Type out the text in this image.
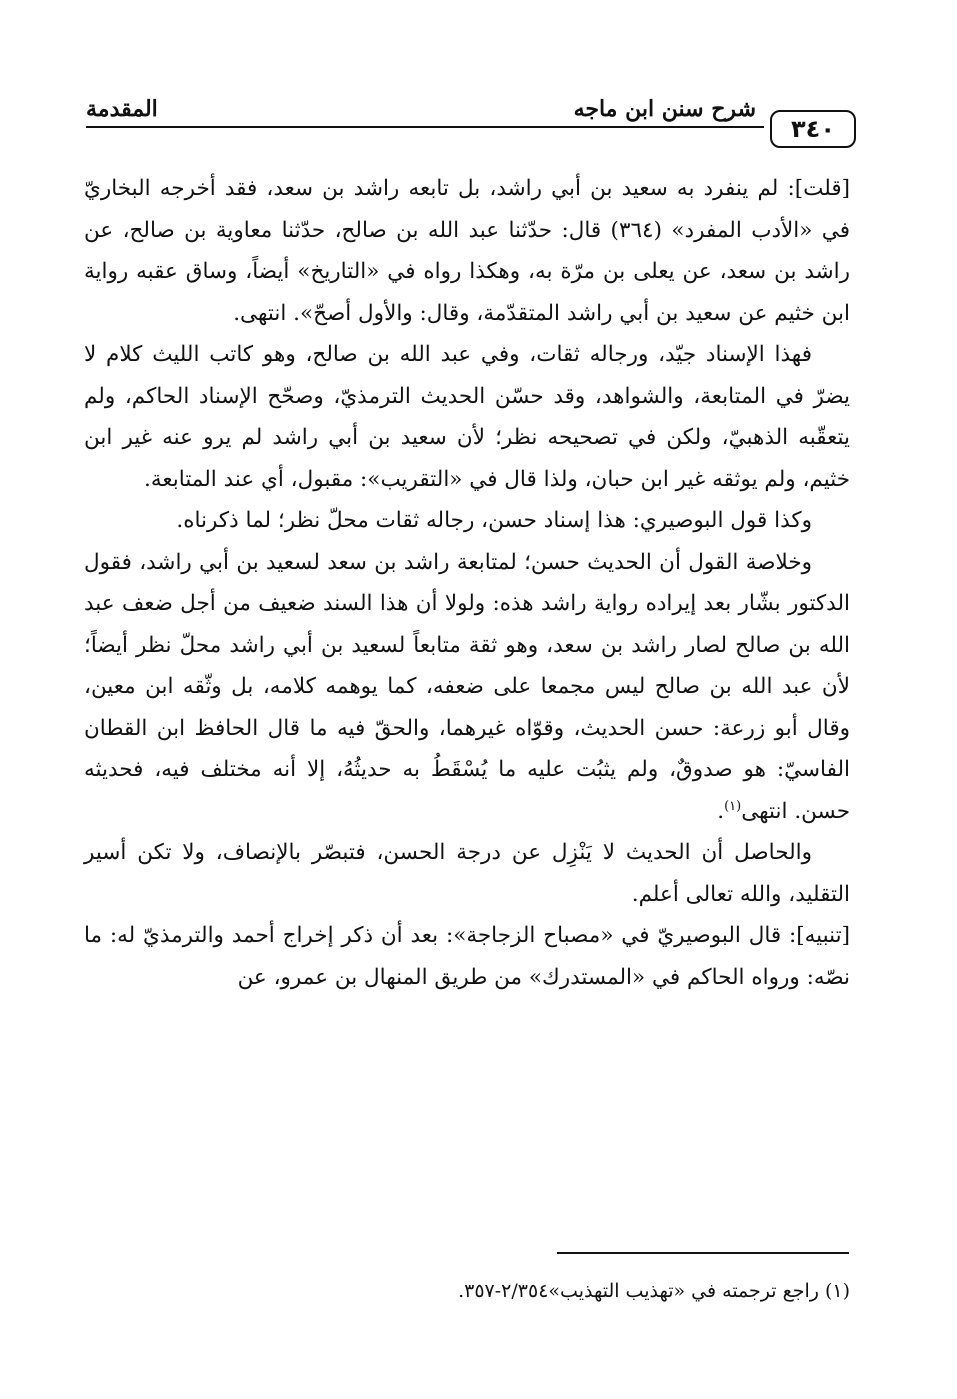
شرح سنن ابن ماجه
المقدمة
٣٤٠

[قلت]: لم ينفرد به سعيد بن أبي راشد، بل تابعه راشد بن سعد، فقد أخرجه البخاريّ في «الأدب المفرد» (٣٦٤) قال: حدّثنا عبد الله بن صالح، حدّثنا معاوية بن صالح، عن راشد بن سعد، عن يعلى بن مرّة به، وهكذا رواه في «التاريخ» أيضاً، وساق عقبه رواية ابن خثيم عن سعيد بن أبي راشد المتقدّمة، وقال: والأول أصحّ». انتهى.

فهذا الإسناد جيّد، ورجاله ثقات، وفي عبد الله بن صالح، وهو كاتب الليث كلام لا يضرّ في المتابعة، والشواهد، وقد حسّن الحديث الترمذيّ، وصحّح الإسناد الحاكم، ولم يتعقّبه الذهبيّ، ولكن في تصحيحه نظر؛ لأن سعيد بن أبي راشد لم يرو عنه غير ابن خثيم، ولم يوثقه غير ابن حبان، ولذا قال في «التقريب»: مقبول، أي عند المتابعة.

وكذا قول البوصيري: هذا إسناد حسن، رجاله ثقات محلّ نظر؛ لما ذكرناه.

وخلاصة القول أن الحديث حسن؛ لمتابعة راشد بن سعد لسعيد بن أبي راشد، فقول الدكتور بشّار بعد إيراده رواية راشد هذه: ولولا أن هذا السند ضعيف من أجل ضعف عبد الله بن صالح لصار راشد بن سعد، وهو ثقة متابعاً لسعيد بن أبي راشد محلّ نظر أيضاً؛ لأن عبد الله بن صالح ليس مجمعا على ضعفه، كما يوهمه كلامه، بل وثّقه ابن معين، وقال أبو زرعة: حسن الحديث، وقوّاه غيرهما، والحقّ فيه ما قال الحافظ ابن القطان الفاسيّ: هو صدوقٌ، ولم يثبُت عليه ما يُسْقَطُ به حديثُهُ، إلا أنه مختلف فيه، فحديثه حسن. انتهى$^{(١)}$.

والحاصل أن الحديث لا يَنْزِل عن درجة الحسن، فتبصّر بالإنصاف، ولا تكن أسير التقليد، والله تعالى أعلم.

[تنبيه]: قال البوصيريّ في «مصباح الزجاجة»: بعد أن ذكر إخراج أحمد والترمذيّ له: ما نصّه: ورواه الحاكم في «المستدرك» من طريق المنهال بن عمرو، عن

(١) راجع ترجمته في «تهذيب التهذيب»٢/٣٥٤-٣٥٧.
